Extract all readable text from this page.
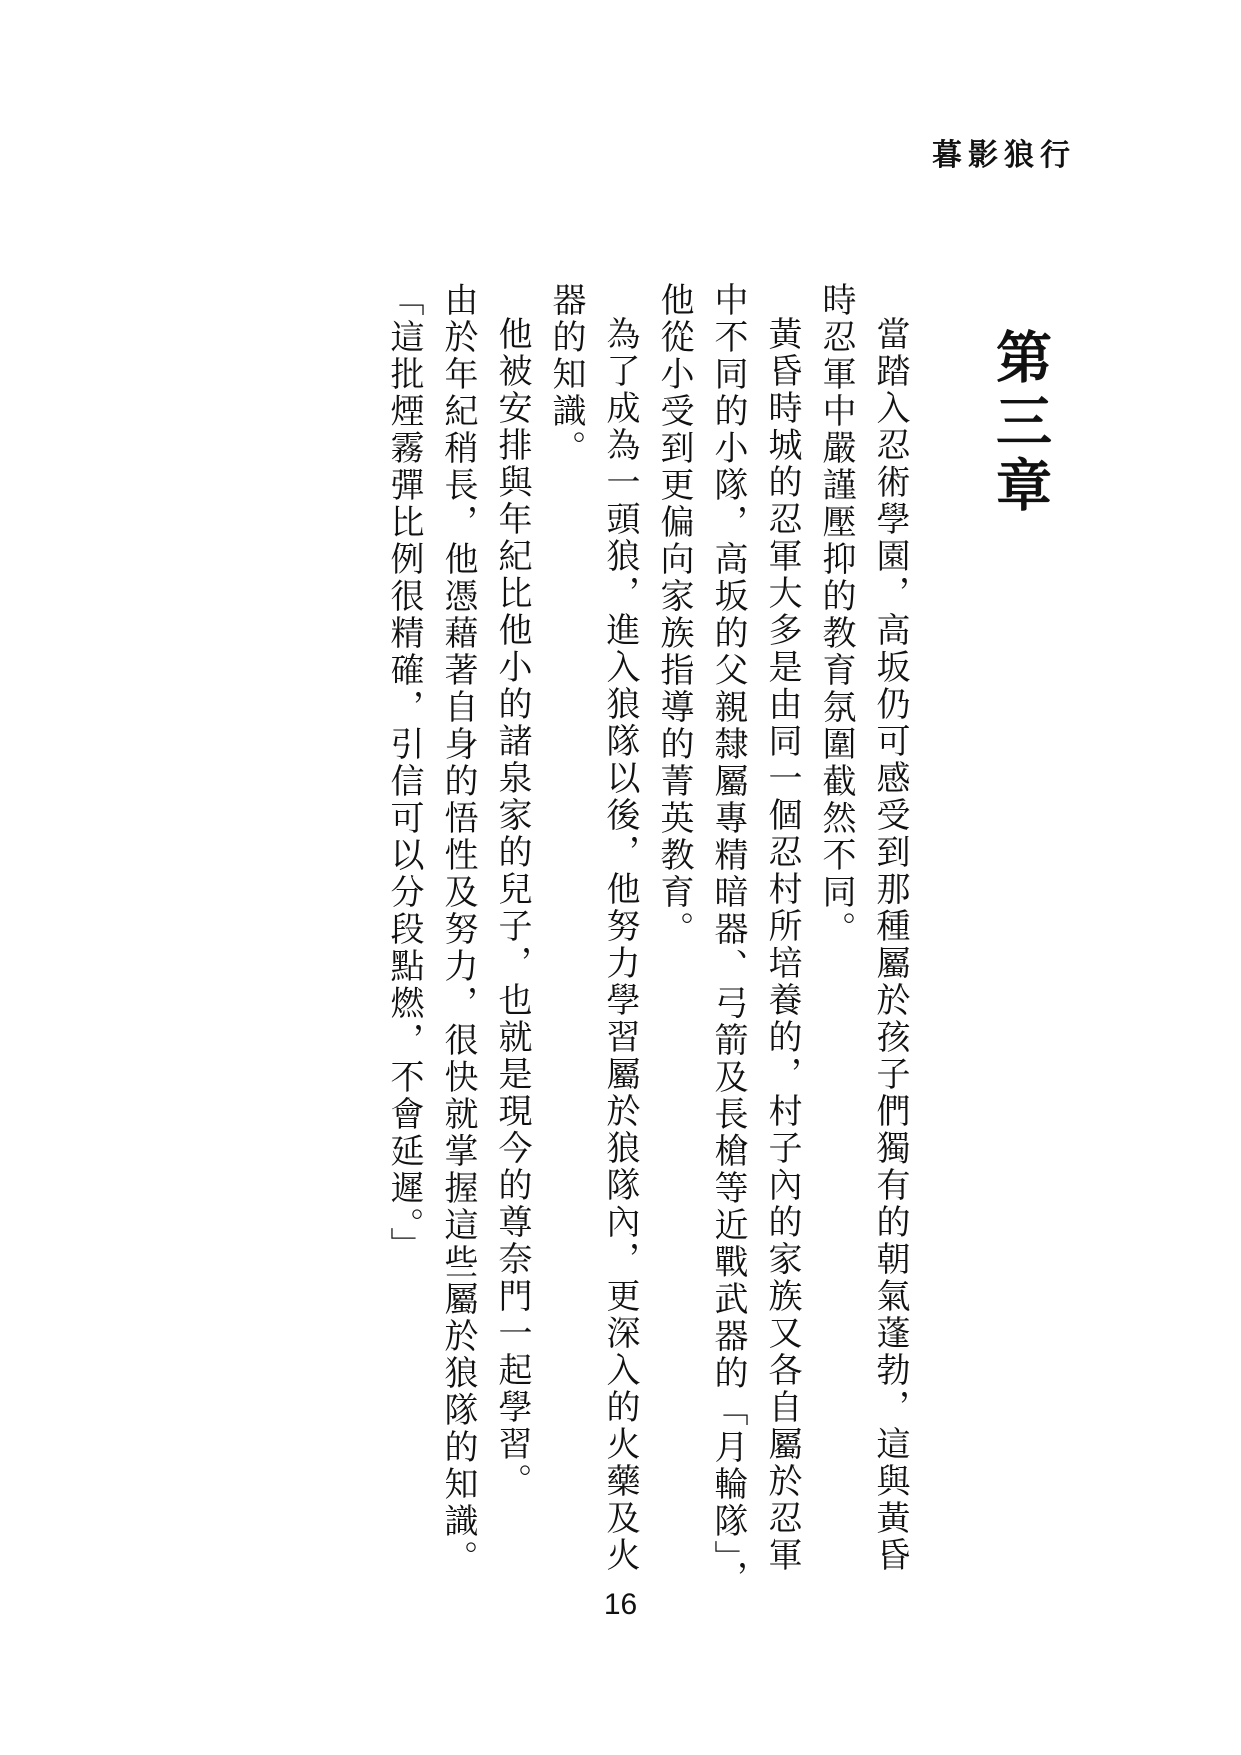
暮影狼行
第三章

當踏入忍術學園，高坂仍可感受到那種屬於孩子們獨有的朝氣蓬勃，這與黃昏時忍軍中嚴謹壓抑的教育氛圍截然不同。

黃昏時城的忍軍大多是由同一個忍村所培養的，村子內的家族又各自屬於忍軍中不同的小隊，高坂的父親隸屬專精暗器、弓箭及長槍等近戰武器的「月輪隊」，他從小受到更偏向家族指導的菁英教育。

為了成為一頭狼，進入狼隊以後，他努力學習屬於狼隊內，更深入的火藥及火器的知識。

他被安排與年紀比他小的諸泉家的兒子，也就是現今的尊奈門一起學習。

由於年紀稍長，他憑藉著自身的悟性及努力，很快就掌握這些屬於狼隊的知識。

「這批煙霧彈比例很精確，引信可以分段點燃，不會延遲。」

16
